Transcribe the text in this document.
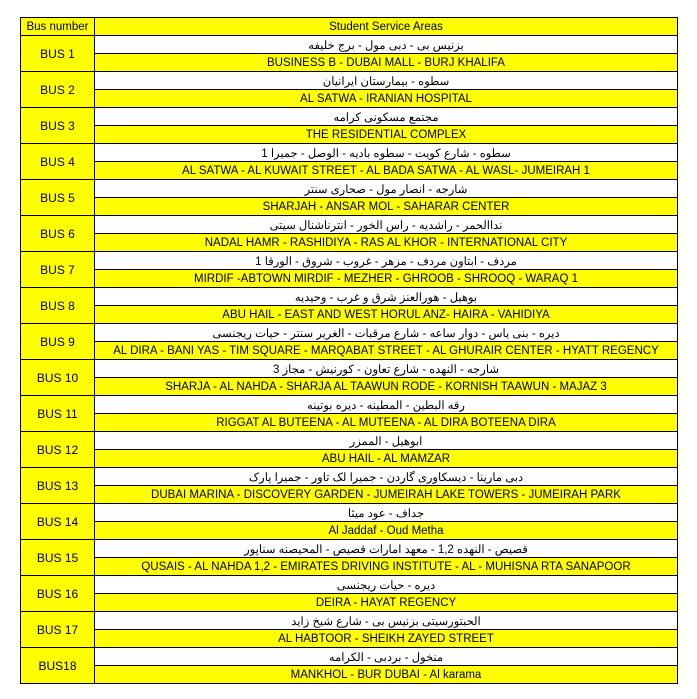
Bus number	Student Service Areas
BUS 1	بزنيس بى - دبى مول - برج خليفه
	BUSINESS B - DUBAI MALL - BURJ KHALIFA
BUS 2	سطوه - بيمارستان ايرانيان
	AL SATWA - IRANIAN HOSPITAL
BUS 3	مجتمع مسكونى كرامه
	THE RESIDENTIAL COMPLEX
BUS 4	سطوه - شارع كويت - سطوه باديه - الوصل - جميرا 1
	AL SATWA - AL KUWAIT STREET - AL BADA SATWA - AL WASL- JUMEIRAH 1
BUS 5	شارجه - انصار مول - صحارى سنتر
	SHARJAH - ANSAR MOL - SAHARAR CENTER
BUS 6	نداالحمر - راشديه - راس الخور - انترناشنال سيتى
	NADAL HAMR - RASHIDIYA - RAS AL KHOR - INTERNATIONAL CITY
BUS 7	مردف - ابتاون مردف - مزهر - غروب - شروق - الورقا 1
	MIRDIF -ABTOWN MIRDIF - MEZHER - GHROOB - SHROOQ - WARAQ 1
BUS 8	بوهيل - هورالعنز شرق و غرب - وحيديه
	ABU HAIL - EAST AND WEST HORUL ANZ- HAIRA - VAHIDIYA
BUS 9	ديره - بنى ياس - دوار ساعه - شارع مرقبات - الغرير سنتر - حيات ريجنسى
	AL DIRA - BANI YAS - TIM SQUARE - MARQABAT STREET - AL GHURAIR CENTER - HYATT REGENCY
BUS 10	شارجه - النهده - شارع تعاون - كورنيش - مجاز 3
	SHARJA - AL NAHDA - SHARJA AL TAAWUN RODE - KORNISH TAAWUN - MAJAZ 3
BUS 11	رقه البطين - المطينه - ديره بوتينه
	RIGGAT AL BUTEENA - AL MUTEENA - AL DIRA BOTEENA DIRA
BUS 12	ابوهيل - الممزر
	ABU HAIL - AL MAMZAR
BUS 13	دبى مارينا - ديسكاورى گاردن - جميرا لک تاور - جميرا پارک
	DUBAI MARINA - DISCOVERY GARDEN - JUMEIRAH LAKE TOWERS - JUMEIRAH PARK
BUS 14	جداف - عود ميثا
	Al Jaddaf - Oud Metha
BUS 15	قصيص - النهده 1,2 - معهد امارات قصيص - المحيصنه سناپور
	QUSAIS - AL NAHDA 1,2 - EMIRATES DRIVING INSTITUTE - AL - MUHISNA RTA SANAPOOR
BUS 16	ديره - حيات ريجنسى
	DEIRA - HAYAT REGENCY
BUS 17	الحبتورسيتى بزنيس بى - شارع شيخ زايد
	AL HABTOOR - SHEIKH ZAYED STREET
BUS18	منخول - بردبى - الكرامه
	MANKHOL - BUR DUBAI - Al karama
